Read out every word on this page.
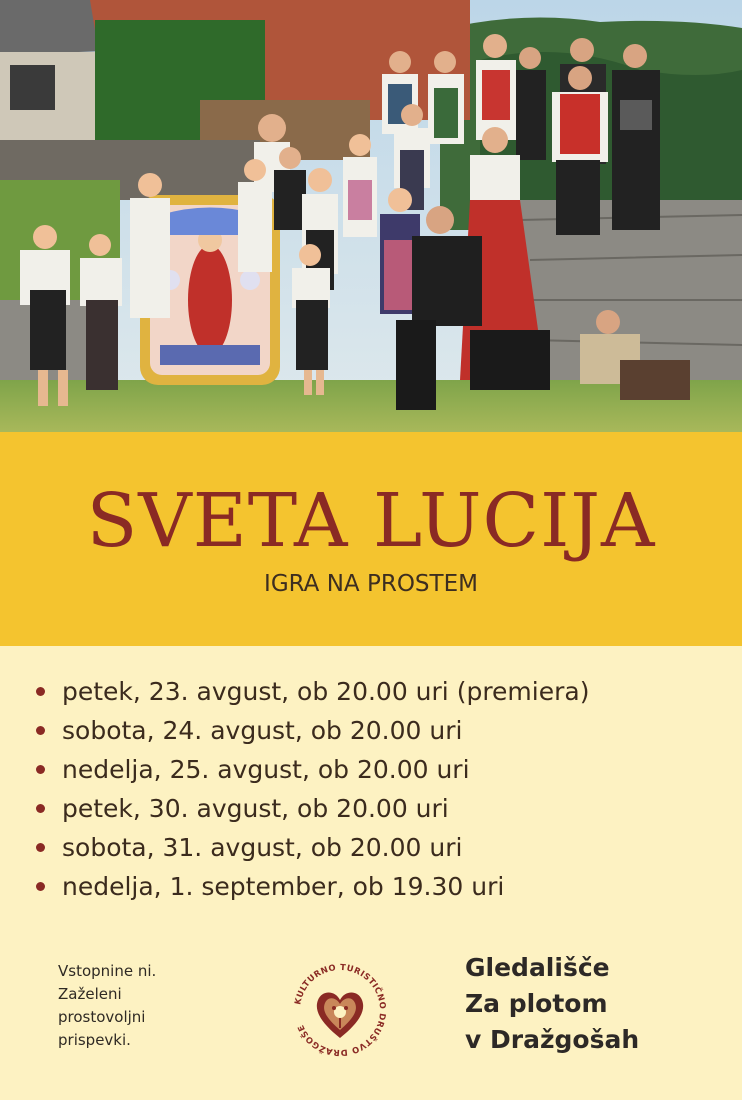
SVETA LUCIJA
IGRA NA PROSTEM
petek, 23. avgust, ob 20.00 uri (premiera)
sobota, 24. avgust, ob 20.00 uri
nedelja, 25. avgust, ob 20.00 uri
petek, 30. avgust, ob 20.00 uri
sobota, 31. avgust, ob 20.00 uri
nedelja, 1. september, ob 19.30 uri
Vstopnine ni.
Zaželeni
prostovoljni
prispevki.
KULTURNO TURISTIČNO DRUŠTVO DRAŽGOŠE
Gledališče
Za plotom
v Dražgošah
